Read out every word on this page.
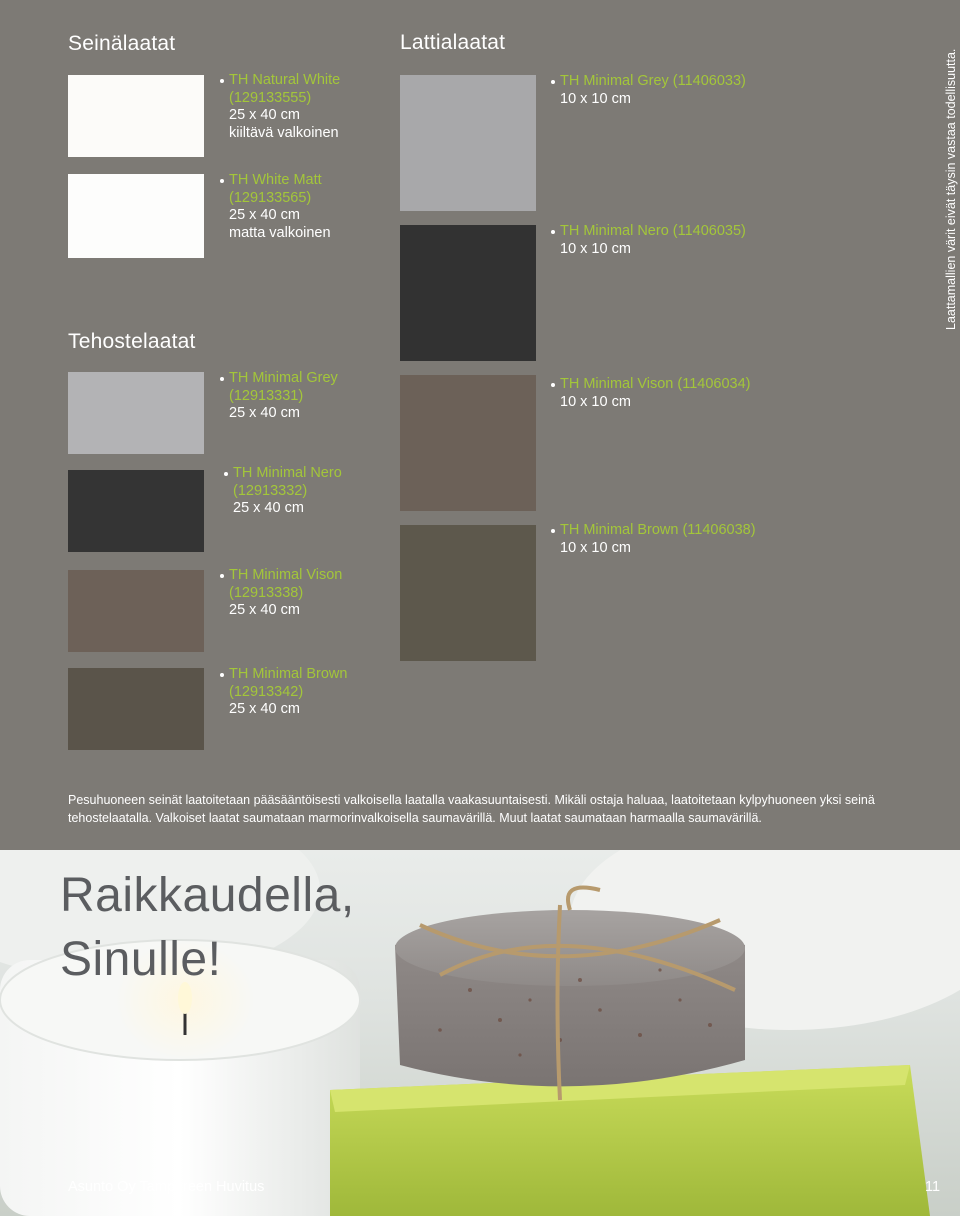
Seinälaatat	Lattialaatat
Tehostelaatat
TH Natural White
(129133555)
25 x 40 cm
kiiltävä valkoinen
TH White Matt
(129133565)
25 x 40 cm
matta valkoinen
TH Minimal Grey
(12913331)
25 x 40 cm
TH Minimal Nero
(12913332)
25 x 40 cm
TH Minimal Vison
(12913338)
25 x 40 cm
TH Minimal Brown
(12913342)
25 x 40 cm
TH Minimal Grey (11406033)
10 x 10 cm
TH Minimal Nero (11406035)
10 x 10 cm
TH Minimal Vison (11406034)
10 x 10 cm
TH Minimal Brown (11406038)
10 x 10 cm
Laattamallien värit eivät täysin vastaa todellisuutta.
Pesuhuoneen seinät laatoitetaan pääsääntöisesti valkoisella laatalla vaakasuuntaisesti. Mikäli ostaja haluaa, laatoitetaan kylpyhuoneen yksi seinä tehostelaatalla. Valkoiset laatat saumataan marmorinvalkoisella saumavärillä. Muut laatat saumataan harmaalla saumavärillä.
Raikkaudella,
Sinulle!
Asunto Oy Tampereen Huvitus	11
